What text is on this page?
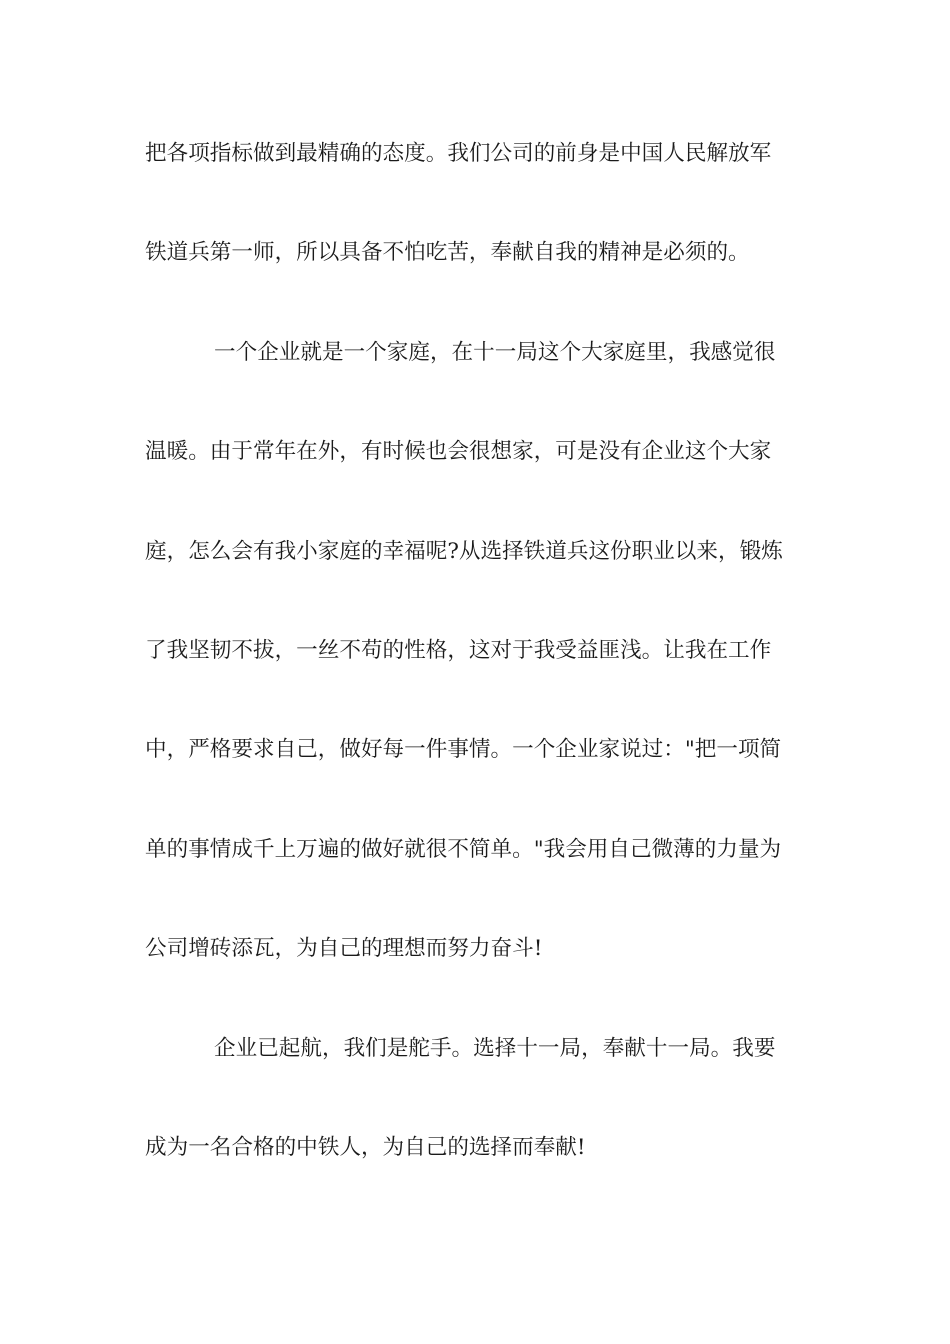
把各项指标做到最精确的态度。我们公司的前身是中国人民解放军
铁道兵第一师，所以具备不怕吃苦，奉献自我的精神是必须的。
一个企业就是一个家庭，在十一局这个大家庭里，我感觉很
温暖。由于常年在外，有时候也会很想家，可是没有企业这个大家
庭，怎么会有我小家庭的幸福呢?从选择铁道兵这份职业以来，锻炼
了我坚韧不拔，一丝不苟的性格，这对于我受益匪浅。让我在工作
中，严格要求自己，做好每一件事情。一个企业家说过："把一项简
单的事情成千上万遍的做好就很不简单。"我会用自己微薄的力量为
公司增砖添瓦，为自己的理想而努力奋斗!
企业已起航，我们是舵手。选择十一局，奉献十一局。我要
成为一名合格的中铁人，为自己的选择而奉献!
